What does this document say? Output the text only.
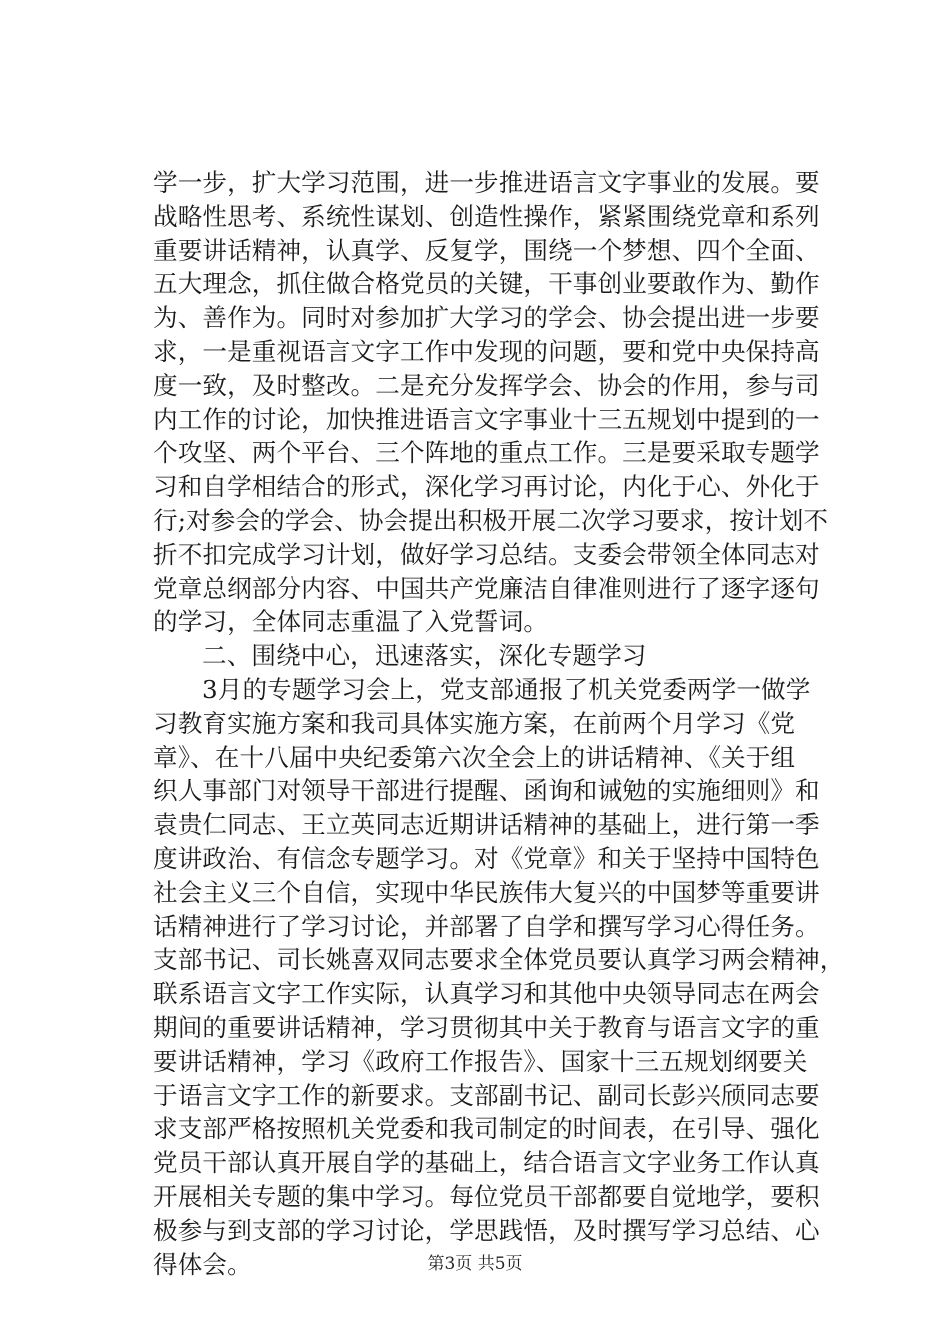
学一步，扩大学习范围，进一步推进语言文字事业的发展。要
战略性思考、系统性谋划、创造性操作，紧紧围绕党章和系列
重要讲话精神，认真学、反复学，围绕一个梦想、四个全面、
五大理念，抓住做合格党员的关键，干事创业要敢作为、勤作
为、善作为。同时对参加扩大学习的学会、协会提出进一步要
求，一是重视语言文字工作中发现的问题，要和党中央保持高
度一致，及时整改。二是充分发挥学会、协会的作用，参与司
内工作的讨论，加快推进语言文字事业十三五规划中提到的一
个攻坚、两个平台、三个阵地的重点工作。三是要采取专题学
习和自学相结合的形式，深化学习再讨论，内化于心、外化于
行;对参会的学会、协会提出积极开展二次学习要求，按计划不
折不扣完成学习计划，做好学习总结。支委会带领全体同志对
党章总纲部分内容、中国共产党廉洁自律准则进行了逐字逐句
的学习，全体同志重温了入党誓词。
二、围绕中心，迅速落实，深化专题学习
3月的专题学习会上，党支部通报了机关党委两学一做学
习教育实施方案和我司具体实施方案，在前两个月学习《党
章》、在十八届中央纪委第六次全会上的讲话精神、《关于组
织人事部门对领导干部进行提醒、函询和诫勉的实施细则》和
袁贵仁同志、王立英同志近期讲话精神的基础上，进行第一季
度讲政治、有信念专题学习。对《党章》和关于坚持中国特色
社会主义三个自信，实现中华民族伟大复兴的中国梦等重要讲
话精神进行了学习讨论，并部署了自学和撰写学习心得任务。
支部书记、司长姚喜双同志要求全体党员要认真学习两会精神，
联系语言文字工作实际，认真学习和其他中央领导同志在两会
期间的重要讲话精神，学习贯彻其中关于教育与语言文字的重
要讲话精神，学习《政府工作报告》、国家十三五规划纲要关
于语言文字工作的新要求。支部副书记、副司长彭兴颀同志要
求支部严格按照机关党委和我司制定的时间表，在引导、强化
党员干部认真开展自学的基础上，结合语言文字业务工作认真
开展相关专题的集中学习。每位党员干部都要自觉地学，要积
极参与到支部的学习讨论，学思践悟，及时撰写学习总结、心
得体会。	第3页 共5页
